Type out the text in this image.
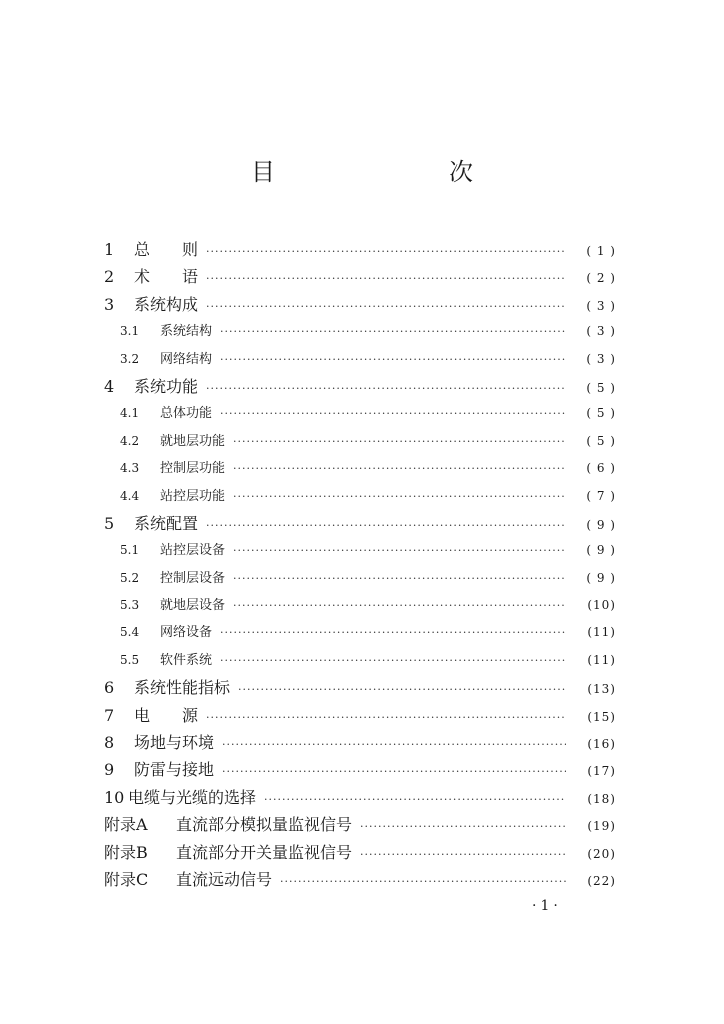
目　　次
1	总　　则 ·····	( 1 )
2	术　　语 ·····	( 2 )
3	系统构成 ·····	( 3 )
3.1	系统结构 ·····	( 3 )
3.2	网络结构 ·····	( 3 )
4	系统功能 ·····	( 5 )
4.1	总体功能 ·····	( 5 )
4.2	就地层功能 ·····	( 5 )
4.3	控制层功能 ·····	( 6 )
4.4	站控层功能 ·····	( 7 )
5	系统配置 ·····	( 9 )
5.1	站控层设备 ·····	( 9 )
5.2	控制层设备 ·····	( 9 )
5.3	就地层设备 ·····	(10)
5.4	网络设备 ·····	(11)
5.5	软件系统 ·····	(11)
6	系统性能指标 ·····	(13)
7	电　　源 ·····	(15)
8	场地与环境 ·····	(16)
9	防雷与接地 ·····	(17)
10 电缆与光缆的选择 ·····	(18)
附录A	直流部分模拟量监视信号 ·····	(19)
附录B	直流部分开关量监视信号 ·····	(20)
附录C	直流远动信号 ·····	(22)
·1·
